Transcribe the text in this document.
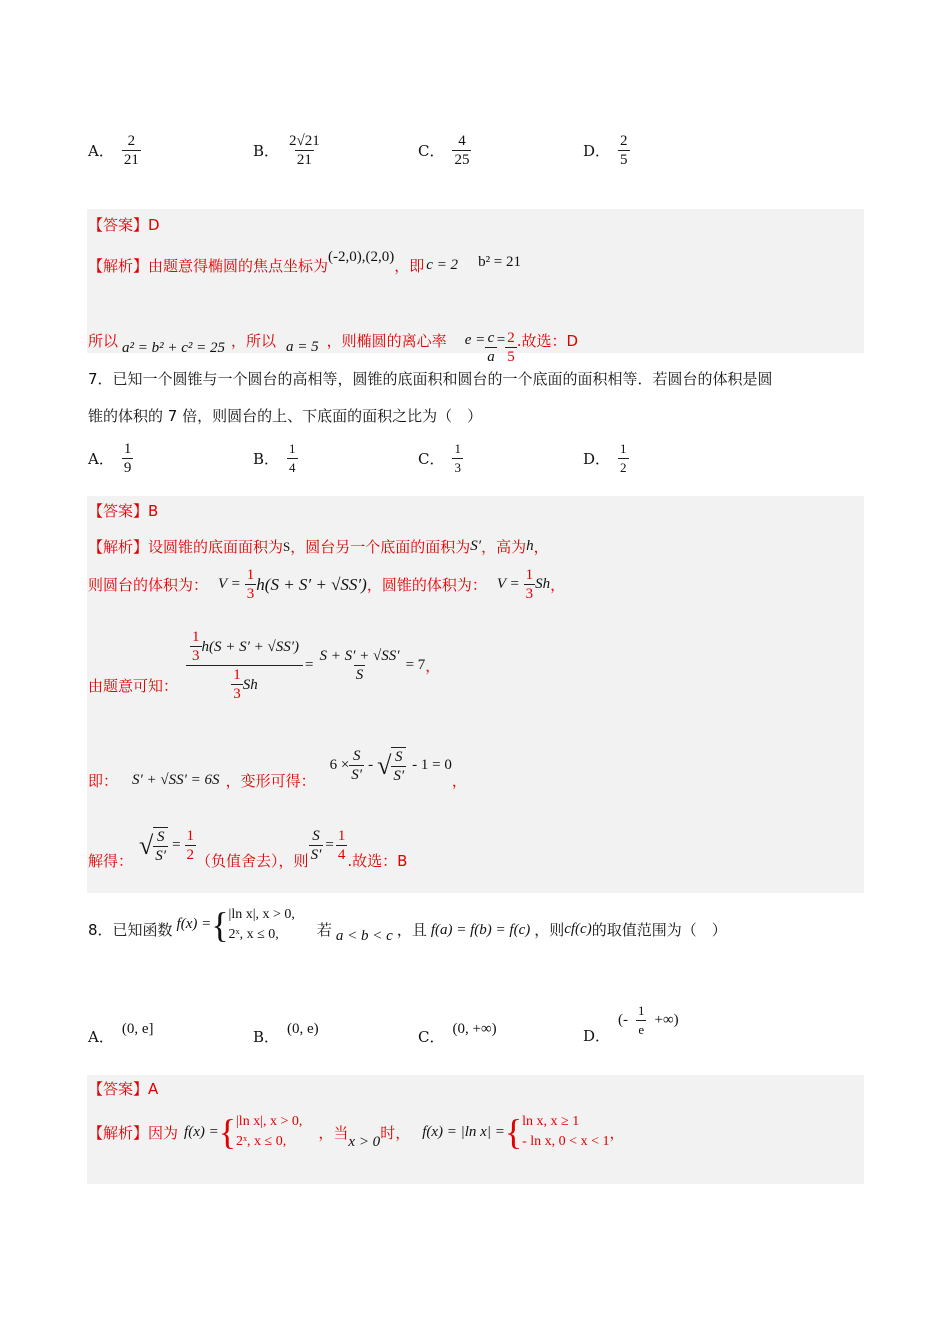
A． $\frac{2}{21}$	B． $\frac{2√21}{21}$	C． $\frac{4}{25}$	D． $\frac{2}{5}$
【答案】 D
【解析】 由题意得椭圆的焦点坐标为 (-2,0),(2,0) ，即 c = 2 b² = 21
所以 a² = b² + c² = 25 ，所以 a = 5 ，则椭圆的离心率 $e = \frac{c}{a} = \frac{2}{5}$ .故选：D
7．已知一个圆锥与一个圆台的高相等，圆锥的底面积和圆台的一个底面的面积相等．若圆台的体积是圆
锥的体积的 7 倍，则圆台的上、下底面的面积之比为（　）
A． $\frac{1}{9}$	B． $\frac{1}{4}$	C． $\frac{1}{3}$	D． $\frac{1}{2}$
【答案】 B
【解析】 设圆锥的底面面积为 S ，圆台另一个底面的面积为 S′ ，高为 h ，
则圆台的体积为： $V = \frac{1}{3} h(S + S' + √SS')$ ，圆锥的体积为： $V = \frac{1}{3}$ Sh ，
由题意可知： $\frac{\frac{1}{3} h(S + S' + √SS')}{\frac{1}{3} Sh} = \frac{S + S' + √SS'}{S} = 7$ ，
即： S′ + √SS′ = 6S ，变形可得：
$6 \times \frac{S}{S'}$ - √ $\frac{S}{S'} - 1 = 0$
，
解得：
√ $\frac{S}{S'} = \frac{1}{2}$ （负值舍去），则 $\frac{S}{S'} = \frac{1}{4}$ .故选：B
8．已知函数 f(x) = { |ln x|, x > 0,
2ˣ, x ≤ 0,	若 a < b < c ，且 f(a) = f(b) = f(c) ，则 cf(c) 的取值范围为（　）
A． (0, e]	B． (0, e)	C． (0, +∞)	D．
(- $\frac{1}{e}$ +∞)
【答案】 A
【解析】 因为 f(x) = { |ln x|, x > 0,
2ˣ, x ≤ 0,	，当 x > 0 时， f(x) = |ln x| = { ln x, x ≥ 1
- ln x, 0 < x < 1 ，
